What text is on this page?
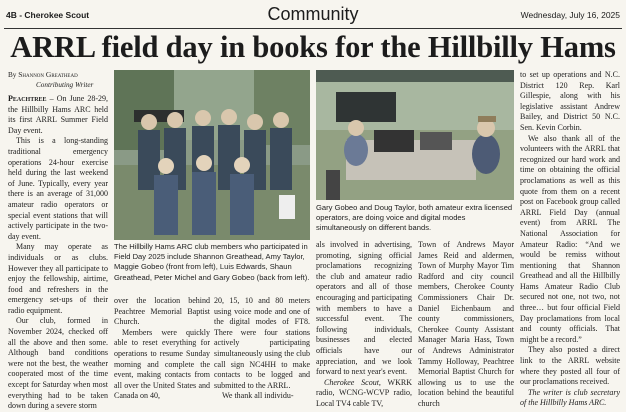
4B - Cherokee Scout	Community	Wednesday, July 16, 2025
ARRL field day in books for the Hillbilly Hams
By Shannon Greathead
Contributing Writer

Peachtree – On June 28-29, the Hillbilly Hams ARC held its first ARRL Summer Field Day event.

This is a long-standing traditional emergency operations 24-hour exercise held during the last weekend of June. Typically, every year there is an average of 31,000 amateur radio operators or special event stations that will actively participate in the two-day event.

Many may operate as individuals or as clubs. However they all participate to enjoy the fellowship, airtime, food and refreshers in the emergency set-ups of their radio equipment.

Our club, formed in November 2024, checked off all the above and then some. Although band conditions were not the best, the weather cooperated most of the time except for Saturday when most everything had to be taken down during a severe storm

The Hillbilly Hams ARC club members who participated in Field Day 2025 include Shannon Greathead, Amy Taylor, Maggie Gobeo (front from left), Luis Edwards, Shaun Greathead, Peter Michel and Gary Gobeo (back from left).

over the location behind Peachtree Memorial Baptist Church.

Members were quickly able to reset everything for operations to resume Sunday morning and complete the event, making contacts from all over the United States and Canada on 40,

20, 15, 10 and 80 meters using voice mode and one of the digital modes of FT8. There were four stations actively participating simultaneously using the club call sign NC4HH to make contacts to be logged and submitted to the ARRL.

We thank all individu-

Gary Gobeo and Doug Taylor, both amateur extra licensed operators, are doing voice and digital modes simultaneously on different bands.

als involved in advertising, promoting, signing official proclamations recognizing the club and amateur radio operators and all of those encouraging and participating with members to have a successful event. The following individuals, businesses and elected officials have our appreciation, and we look forward to next year's event.

Cherokee Scout, WKRK radio, WCNG-WCVP radio, Local TV4 cable TV,

Town of Andrews Mayor James Reid and aldermen, Town of Murphy Mayor Tim Radford and city council members, Cherokee County Commissioners Chair Dr. Daniel Eichenbaum and county commissioners, Cherokee County Assistant Manager Maria Hass, Town of Andrews Administrator Tammy Holloway, Peachtree Memorial Baptist Church for allowing us to use the location behind the beautiful church

to set up operations and N.C. District 120 Rep. Karl Gillespie, along with his legislative assistant Andrew Bailey, and District 50 N.C. Sen. Kevin Corbin.

We also thank all of the volunteers with the ARRL that recognized our hard work and time on obtaining the official proclamations as well as this quote from them on a recent post on Facebook group called ARRL Field Day (annual event) from ARRL The National Association for Amateur Radio: “And we would be remiss without mentioning that Shannon Greathead and all the Hillbilly Hams Amateur Radio Club secured not one, not two, not three… but four official Field Day proclamations from local and county officials. That might be a record.”

They also posted a direct link to the ARRL website where they posted all four of our proclamations received.

The writer is club secretary of the Hillbilly Hams ARC.
